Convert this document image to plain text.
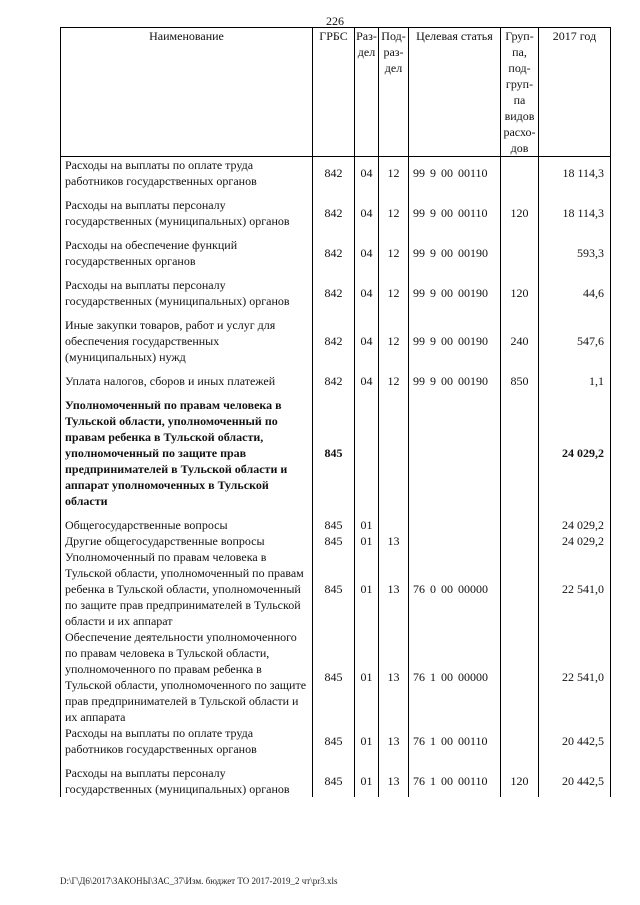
226
Наименование	ГРБС	Раз-дел	Под-раз-дел	Целевая статья	Груп-па, под-груп-па видов расхо-дов	2017 год
Расходы на выплаты по оплате труда работников государственных органов	842	04	12	99 9 00 00110		18 114,3

Расходы на выплаты персоналу государственных (муниципальных) органов	842	04	12	99 9 00 00110	120	18 114,3

Расходы на обеспечение функций государственных органов	842	04	12	99 9 00 00190		593,3

Расходы на выплаты персоналу государственных (муниципальных) органов	842	04	12	99 9 00 00190	120	44,6

Иные закупки товаров, работ и услуг для обеспечения государственных (муниципальных) нужд	842	04	12	99 9 00 00190	240	547,6

Уплата налогов, сборов и иных платежей	842	04	12	99 9 00 00190	850	1,1

Уполномоченный по правам человека в Тульской области, уполномоченный по правам ребенка в Тульской области, уполномоченный по защите прав предпринимателей в Тульской области и аппарат уполномоченных в Тульской области	845					24 029,2

Общегосударственные вопросы	845	01				24 029,2
Другие общегосударственные вопросы	845	01	13			24 029,2
Уполномоченный по правам человека в Тульской области, уполномоченный по правам ребенка в Тульской области, уполномоченный по защите прав предпринимателей в Тульской области и их аппарат	845	01	13	76 0 00 00000		22 541,0
Обеспечение деятельности уполномоченного по правам человека в Тульской области, уполномоченного по правам ребенка в Тульской области, уполномоченного по защите прав предпринимателей в Тульской области и их аппарата	845	01	13	76 1 00 00000		22 541,0
Расходы на выплаты по оплате труда работников государственных органов	845	01	13	76 1 00 00110		20 442,5

Расходы на выплаты персоналу государственных (муниципальных) органов	845	01	13	76 1 00 00110	120	20 442,5
D:\Г\Д6\2017\ЗАКОНЫ\ЗАС_37\Изм. бюджет ТО 2017-2019_2 чт\pr3.xls
